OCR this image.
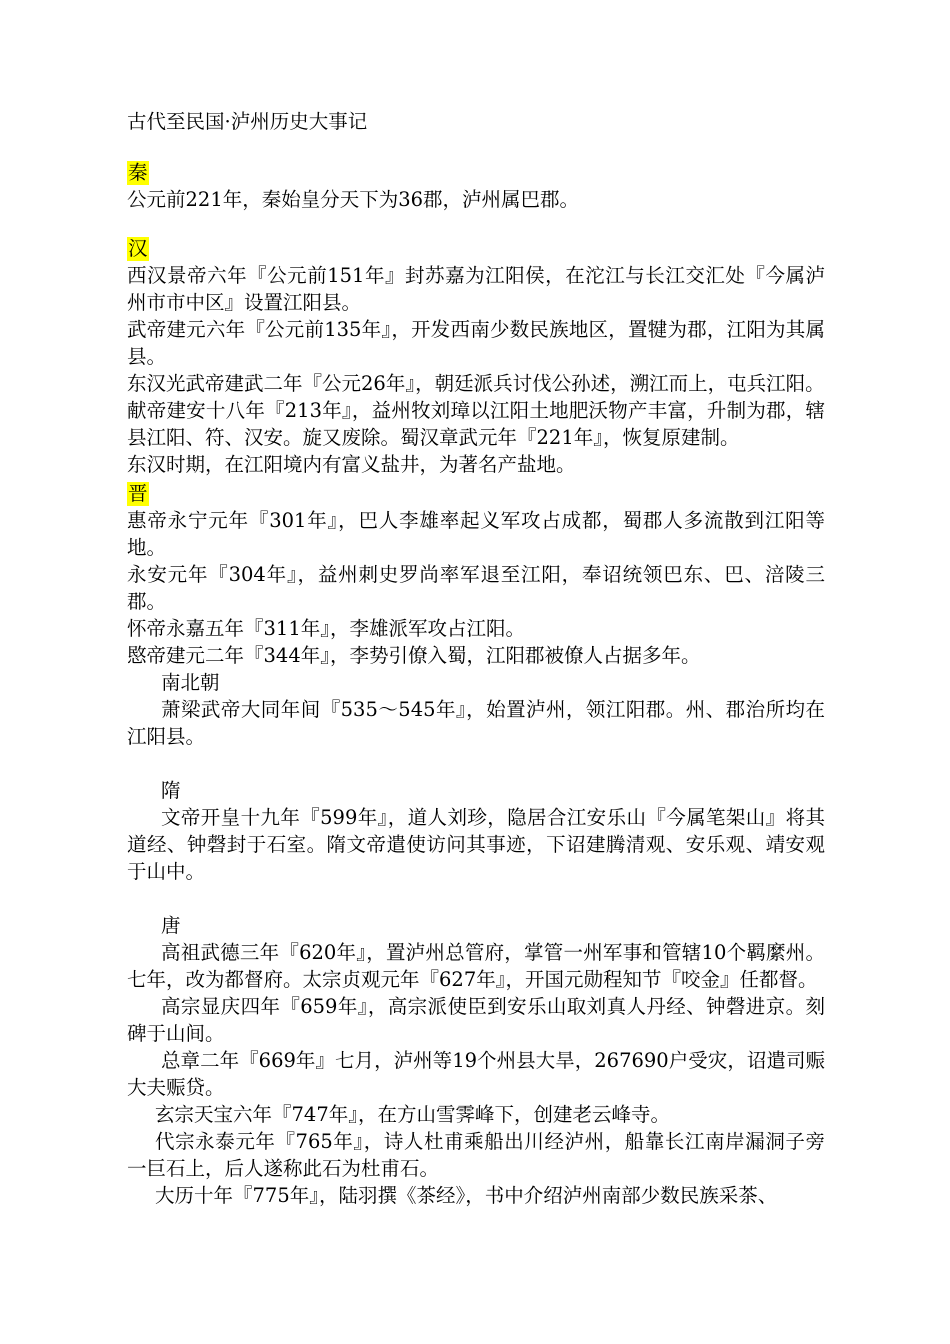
古代至民国·泸州历史大事记

秦

公元前221年，秦始皇分天下为36郡，泸州属巴郡。

汉

西汉景帝六年『公元前151年』封苏嘉为江阳侯，在沱江与长江交汇处『今属泸州市市中区』设置江阳县。

武帝建元六年『公元前135年』，开发西南少数民族地区，置犍为郡，江阳为其属县。

东汉光武帝建武二年『公元26年』，朝廷派兵讨伐公孙述，溯江而上，屯兵江阳。

献帝建安十八年『213年』，益州牧刘璋以江阳土地肥沃物产丰富，升制为郡，辖县江阳、符、汉安。旋又废除。蜀汉章武元年『221年』，恢复原建制。

东汉时期，在江阳境内有富义盐井，为著名产盐地。

晋

惠帝永宁元年『301年』，巴人李雄率起义军攻占成都，蜀郡人多流散到江阳等地。

永安元年『304年』，益州刺史罗尚率军退至江阳，奉诏统领巴东、巴、涪陵三郡。

怀帝永嘉五年『311年』，李雄派军攻占江阳。

愍帝建元二年『344年』，李势引僚入蜀，江阳郡被僚人占据多年。

南北朝

萧梁武帝大同年间『535～545年』，始置泸州，领江阳郡。州、郡治所均在江阳县。

隋

文帝开皇十九年『599年』，道人刘珍，隐居合江安乐山『今属笔架山』将其道经、钟磬封于石室。隋文帝遣使访问其事迹，下诏建腾清观、安乐观、靖安观于山中。

唐

高祖武德三年『620年』，置泸州总管府，掌管一州军事和管辖10个羁縻州。七年，改为都督府。太宗贞观元年『627年』，开国元勋程知节『咬金』任都督。

高宗显庆四年『659年』，高宗派使臣到安乐山取刘真人丹经、钟磬进京。刻碑于山间。

总章二年『669年』七月，泸州等19个州县大旱，267690户受灾，诏遣司赈大夫赈贷。

玄宗天宝六年『747年』，在方山雪霁峰下，创建老云峰寺。

代宗永泰元年『765年』，诗人杜甫乘船出川经泸州，船靠长江南岸漏洞子旁一巨石上，后人遂称此石为杜甫石。

大历十年『775年』，陆羽撰《茶经》，书中介绍泸州南部少数民族采茶、
